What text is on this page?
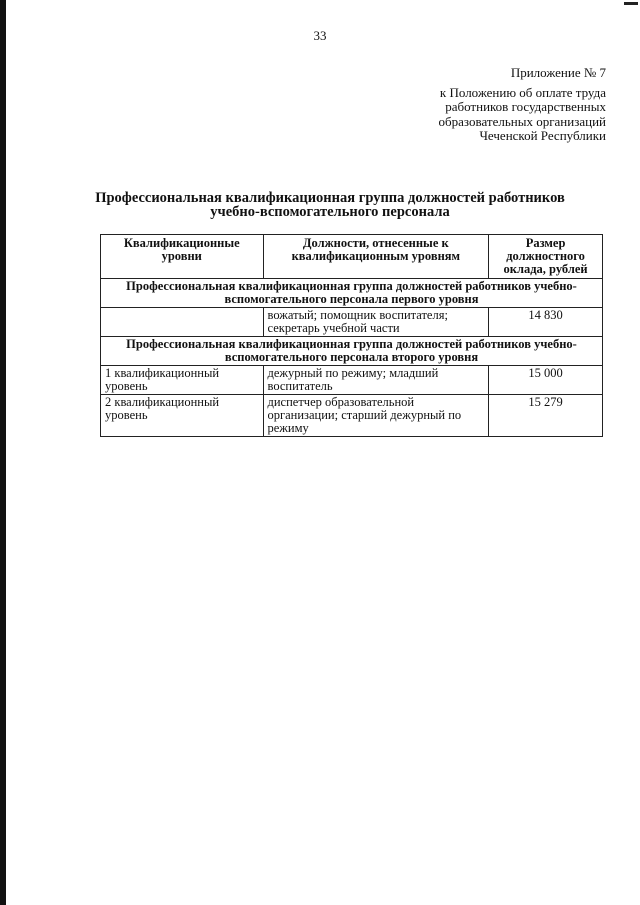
33
Приложение № 7
к Положению об оплате труда
работников государственных
образовательных организаций
Чеченской Республики
Профессиональная квалификационная группа должностей работников
учебно-вспомогательного персонала
Квалификационные уровни	Должности, отнесенные к квалификационным уровням	Размер должностного оклада, рублей
Профессиональная квалификационная группа должностей работников учебно-вспомогательного персонала первого уровня		
	вожатый; помощник воспитателя; секретарь учебной части	14 830
Профессиональная квалификационная группа должностей работников учебно-вспомогательного персонала второго уровня		
1 квалификационный уровень	дежурный по режиму; младший воспитатель	15 000
2 квалификационный уровень	диспетчер образовательной организации; старший дежурный по режиму	15 279
